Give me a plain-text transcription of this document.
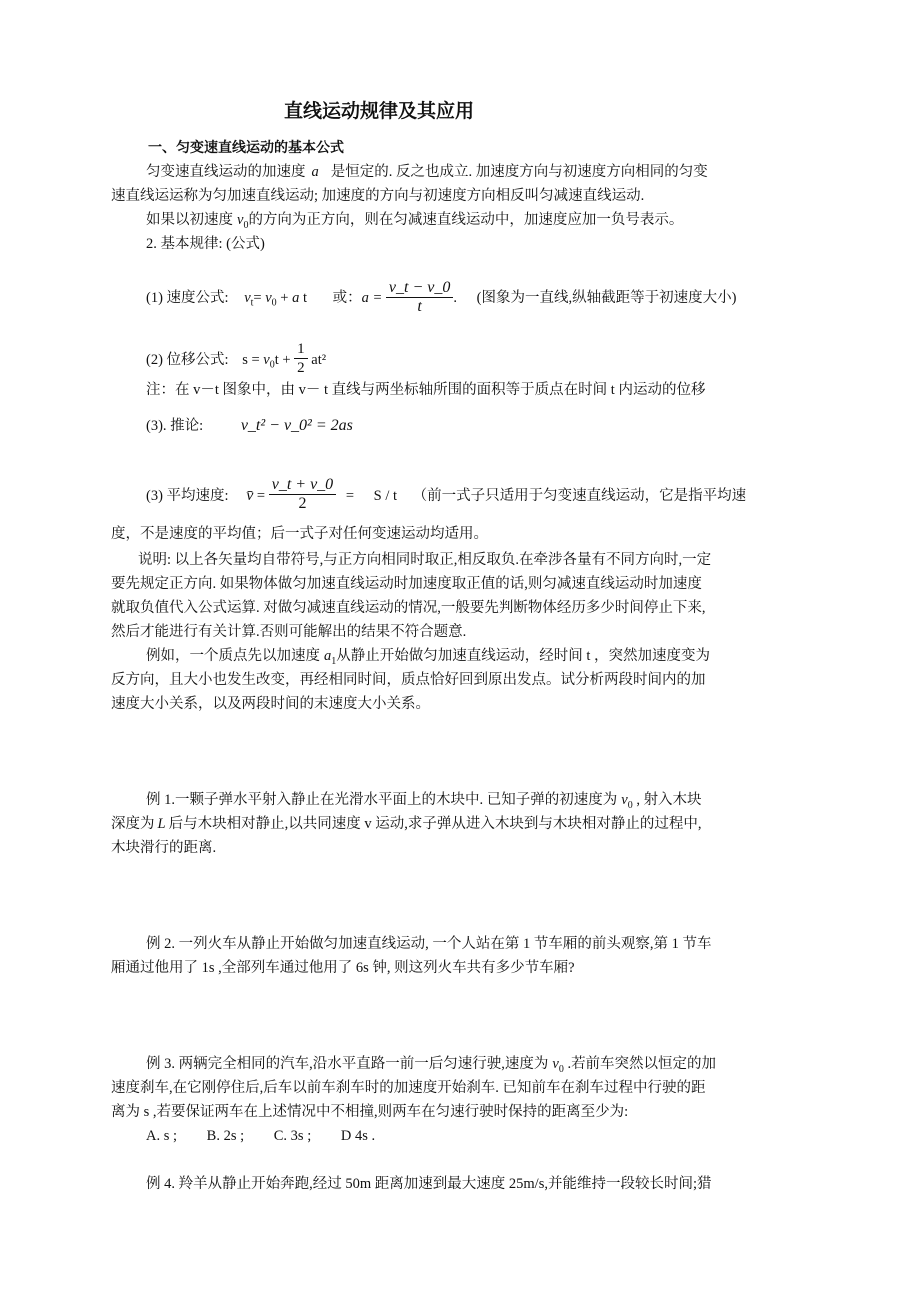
直线运动规律及其应用
一、匀变速直线运动的基本公式
匀变速直线运动的加速度 a 是恒定的. 反之也成立. 加速度方向与初速度方向相同的匀变
速直线运运称为匀加速直线运动; 加速度的方向与初速度方向相反叫匀减速直线运动.
如果以初速度 $v_0$的方向为正方向，则在匀减速直线运动中，加速度应加一负号表示。
2. 基本规律: (公式)
(1) 速度公式: $v_t= v_0 + a$ t 或：$a = \frac{v\_t - v\_0}{t}$ . (图象为一直线,纵轴截距等于初速度大小)
(2) 位移公式: $s = v_0t + \frac{1}{2} at^2$
注：在 v－t 图象中，由 v－ t 直线与两坐标轴所围的面积等于质点在时间 t 内运动的位移
(3). 推论: v_t² − v_0² = 2as
(3) 平均速度: v̄ = $\frac{v\_t + v\_0}{2} = S / t$ （前一式子只适用于匀变速直线运动，它是指平均速
度，不是速度的平均值；后一式子对任何变速运动均适用。
说明: 以上各矢量均自带符号,与正方向相同时取正,相反取负.在牵涉各量有不同方向时,一定
要先规定正方向. 如果物体做匀加速直线运动时加速度取正值的话,则匀减速直线运动时加速度
就取负值代入公式运算. 对做匀减速直线运动的情况,一般要先判断物体经历多少时间停止下来,
然后才能进行有关计算.否则可能解出的结果不符合题意.
例如，一个质点先以加速度 $a_1$从静止开始做匀加速直线运动，经时间 t ，突然加速度变为
反方向，且大小也发生改变，再经相同时间，质点恰好回到原出发点。试分析两段时间内的加
速度大小关系，以及两段时间的末速度大小关系。
例 1.一颗子弹水平射入静止在光滑水平面上的木块中. 已知子弹的初速度为 $v_0$ , 射入木块
深度为 L 后与木块相对静止,以共同速度 v 运动,求子弹从进入木块到与木块相对静止的过程中,
木块滑行的距离.
例 2. 一列火车从静止开始做匀加速直线运动, 一个人站在第 1 节车厢的前头观察,第 1 节车
厢通过他用了 1s ,全部列车通过他用了 6s 钟, 则这列火车共有多少节车厢?
例 3. 两辆完全相同的汽车,沿水平直路一前一后匀速行驶,速度为 $v_0$ .若前车突然以恒定的加
速度刹车,在它刚停住后,后车以前车刹车时的加速度开始刹车. 已知前车在刹车过程中行驶的距
离为 s ,若要保证两车在上述情况中不相撞,则两车在匀速行驶时保持的距离至少为:
A. s ; B. 2s ; C. 3s ; D 4s .
例 4. 羚羊从静止开始奔跑,经过 50m 距离加速到最大速度 25m/s,并能维持一段较长时间;猎
